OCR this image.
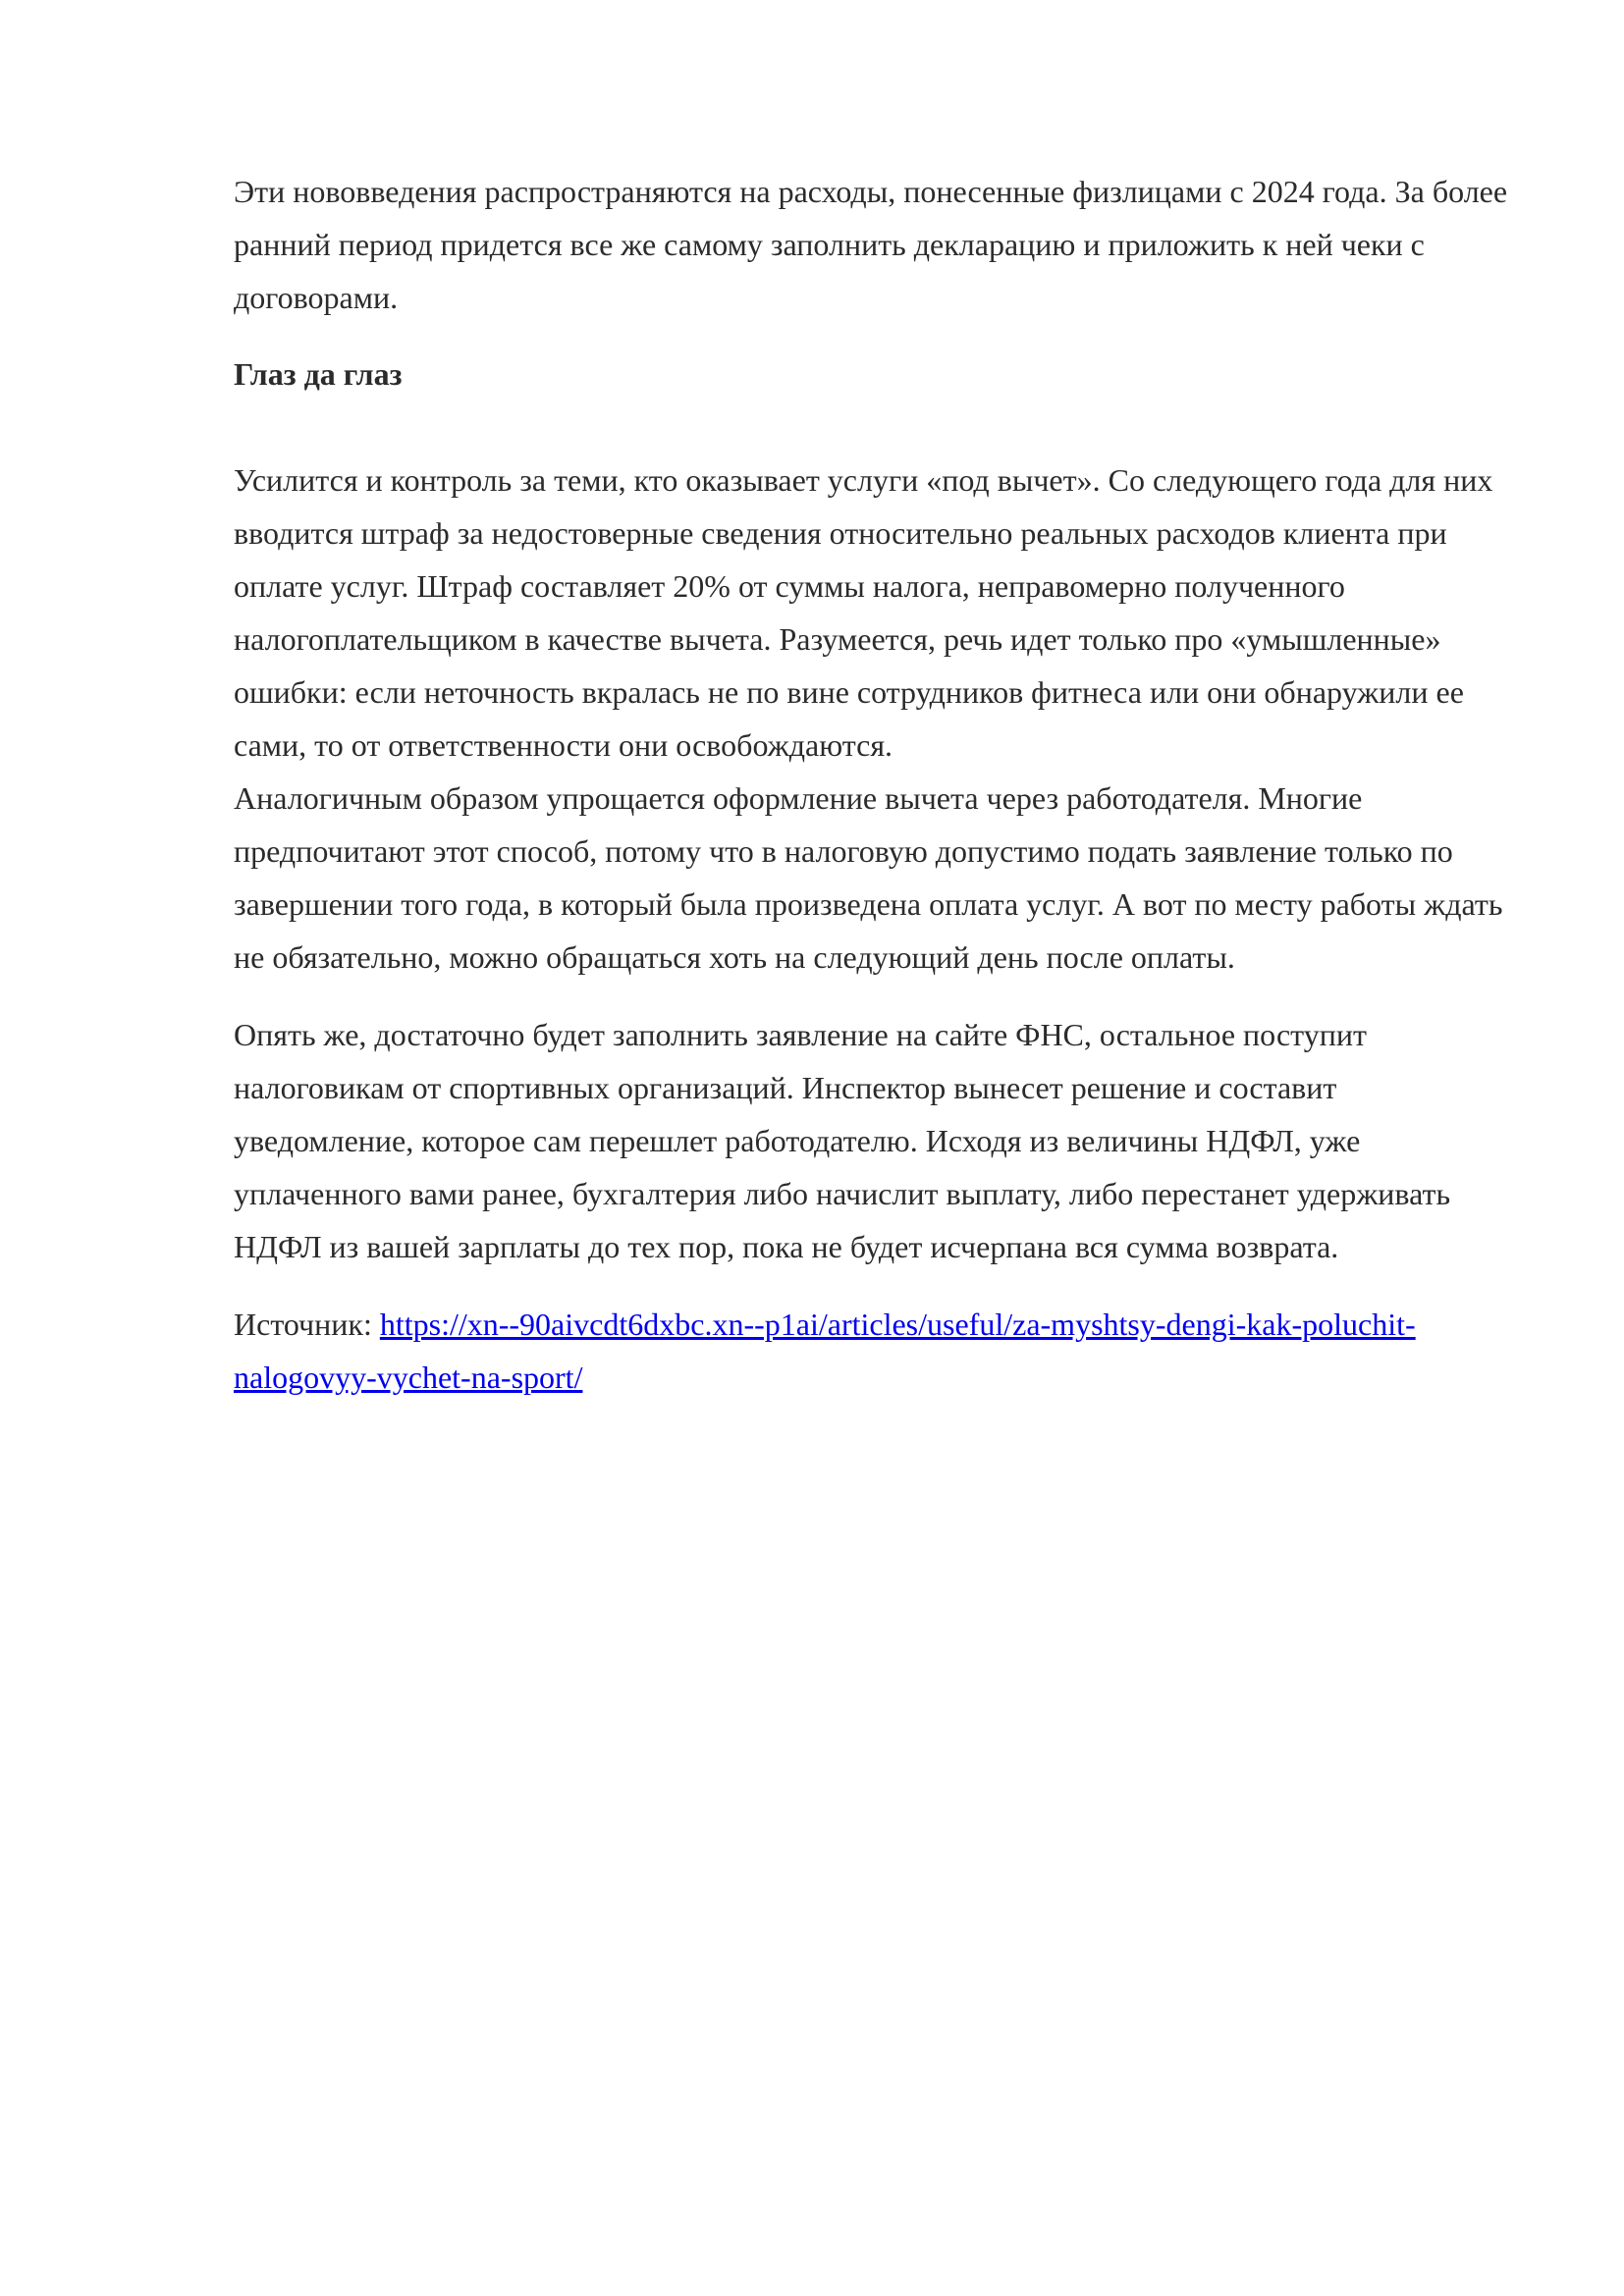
Эти нововведения распространяются на расходы, понесенные физлицами с 2024 года. За более ранний период придется все же самому заполнить декларацию и приложить к ней чеки с договорами.

Глаз да глаз

Усилится и контроль за теми, кто оказывает услуги «под вычет». Со следующего года для них вводится штраф за недостоверные сведения относительно реальных расходов клиента при оплате услуг. Штраф составляет 20% от суммы налога, неправомерно полученного налогоплательщиком в качестве вычета. Разумеется, речь идет только про «умышленные» ошибки: если неточность вкралась не по вине сотрудников фитнеса или они обнаружили ее сами, то от ответственности они освобождаются.

Аналогичным образом упрощается оформление вычета через работодателя. Многие предпочитают этот способ, потому что в налоговую допустимо подать заявление только по завершении того года, в который была произведена оплата услуг. А вот по месту работы ждать не обязательно, можно обращаться хоть на следующий день после оплаты.

Опять же, достаточно будет заполнить заявление на сайте ФНС, остальное поступит налоговикам от спортивных организаций. Инспектор вынесет решение и составит уведомление, которое сам перешлет работодателю. Исходя из величины НДФЛ, уже уплаченного вами ранее, бухгалтерия либо начислит выплату, либо перестанет удерживать НДФЛ из вашей зарплаты до тех пор, пока не будет исчерпана вся сумма возврата.

Источник: https://xn--90aivcdt6dxbc.xn--p1ai/articles/useful/za-myshtsy-dengi-kak-poluchit-nalogovyy-vychet-na-sport/
